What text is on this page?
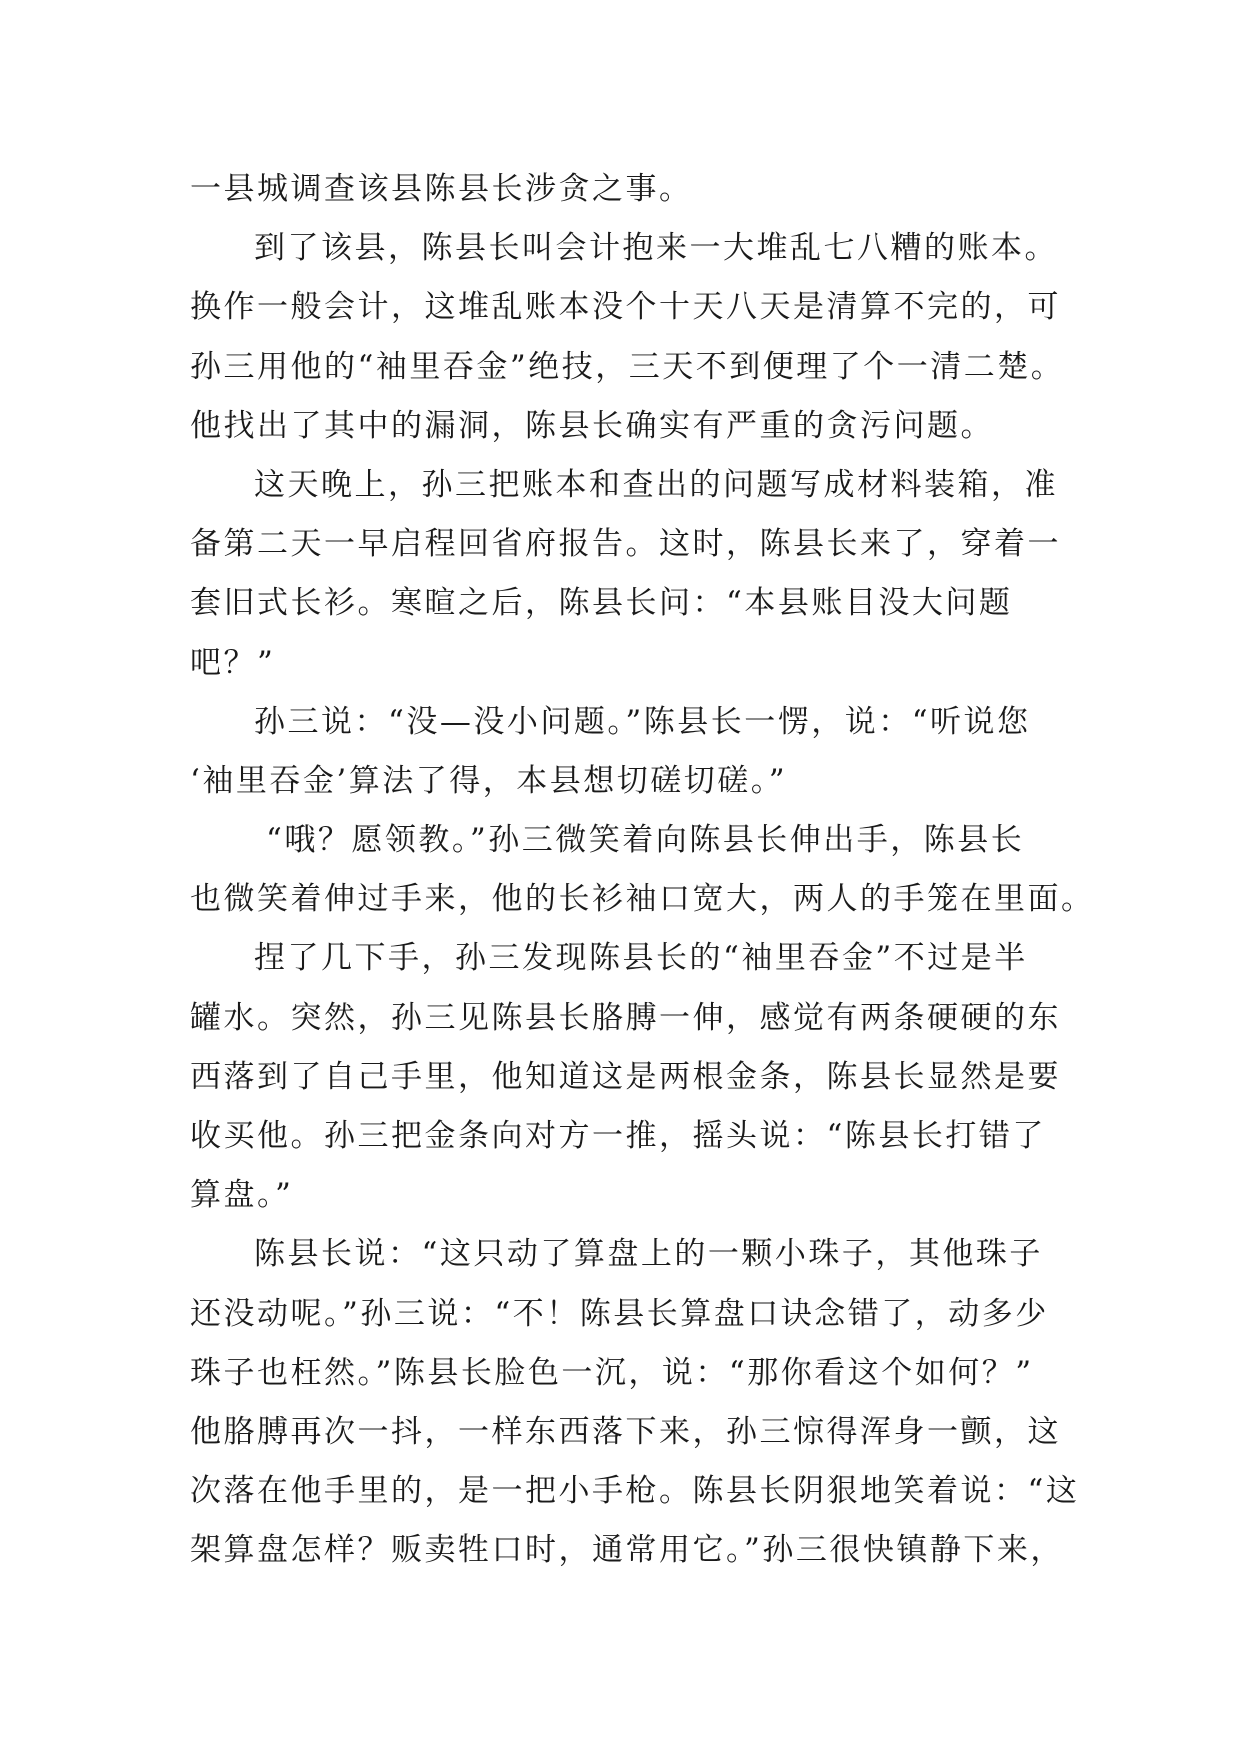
一县城调查该县陈县长涉贪之事。
到了该县，陈县长叫会计抱来一大堆乱七八糟的账本。
换作一般会计，这堆乱账本没个十天八天是清算不完的，可
孙三用他的“袖里吞金”绝技，三天不到便理了个一清二楚。
他找出了其中的漏洞，陈县长确实有严重的贪污问题。
这天晚上，孙三把账本和查出的问题写成材料装箱，准
备第二天一早启程回省府报告。这时，陈县长来了，穿着一
套旧式长衫。寒暄之后，陈县长问：“本县账目没大问题
吧？”
孙三说：“没—没小问题。”陈县长一愣，说：“听说您
‘袖里吞金’算法了得，本县想切磋切磋。”
“哦？愿领教。”孙三微笑着向陈县长伸出手，陈县长
也微笑着伸过手来，他的长衫袖口宽大，两人的手笼在里面。
捏了几下手，孙三发现陈县长的“袖里吞金”不过是半
罐水。突然，孙三见陈县长胳膊一伸，感觉有两条硬硬的东
西落到了自己手里，他知道这是两根金条，陈县长显然是要
收买他。孙三把金条向对方一推，摇头说：“陈县长打错了
算盘。”
陈县长说：“这只动了算盘上的一颗小珠子，其他珠子
还没动呢。”孙三说：“不！陈县长算盘口诀念错了，动多少
珠子也枉然。”陈县长脸色一沉，说：“那你看这个如何？”
他胳膊再次一抖，一样东西落下来，孙三惊得浑身一颤，这
次落在他手里的，是一把小手枪。陈县长阴狠地笑着说：“这
架算盘怎样？贩卖牲口时，通常用它。”孙三很快镇静下来，
